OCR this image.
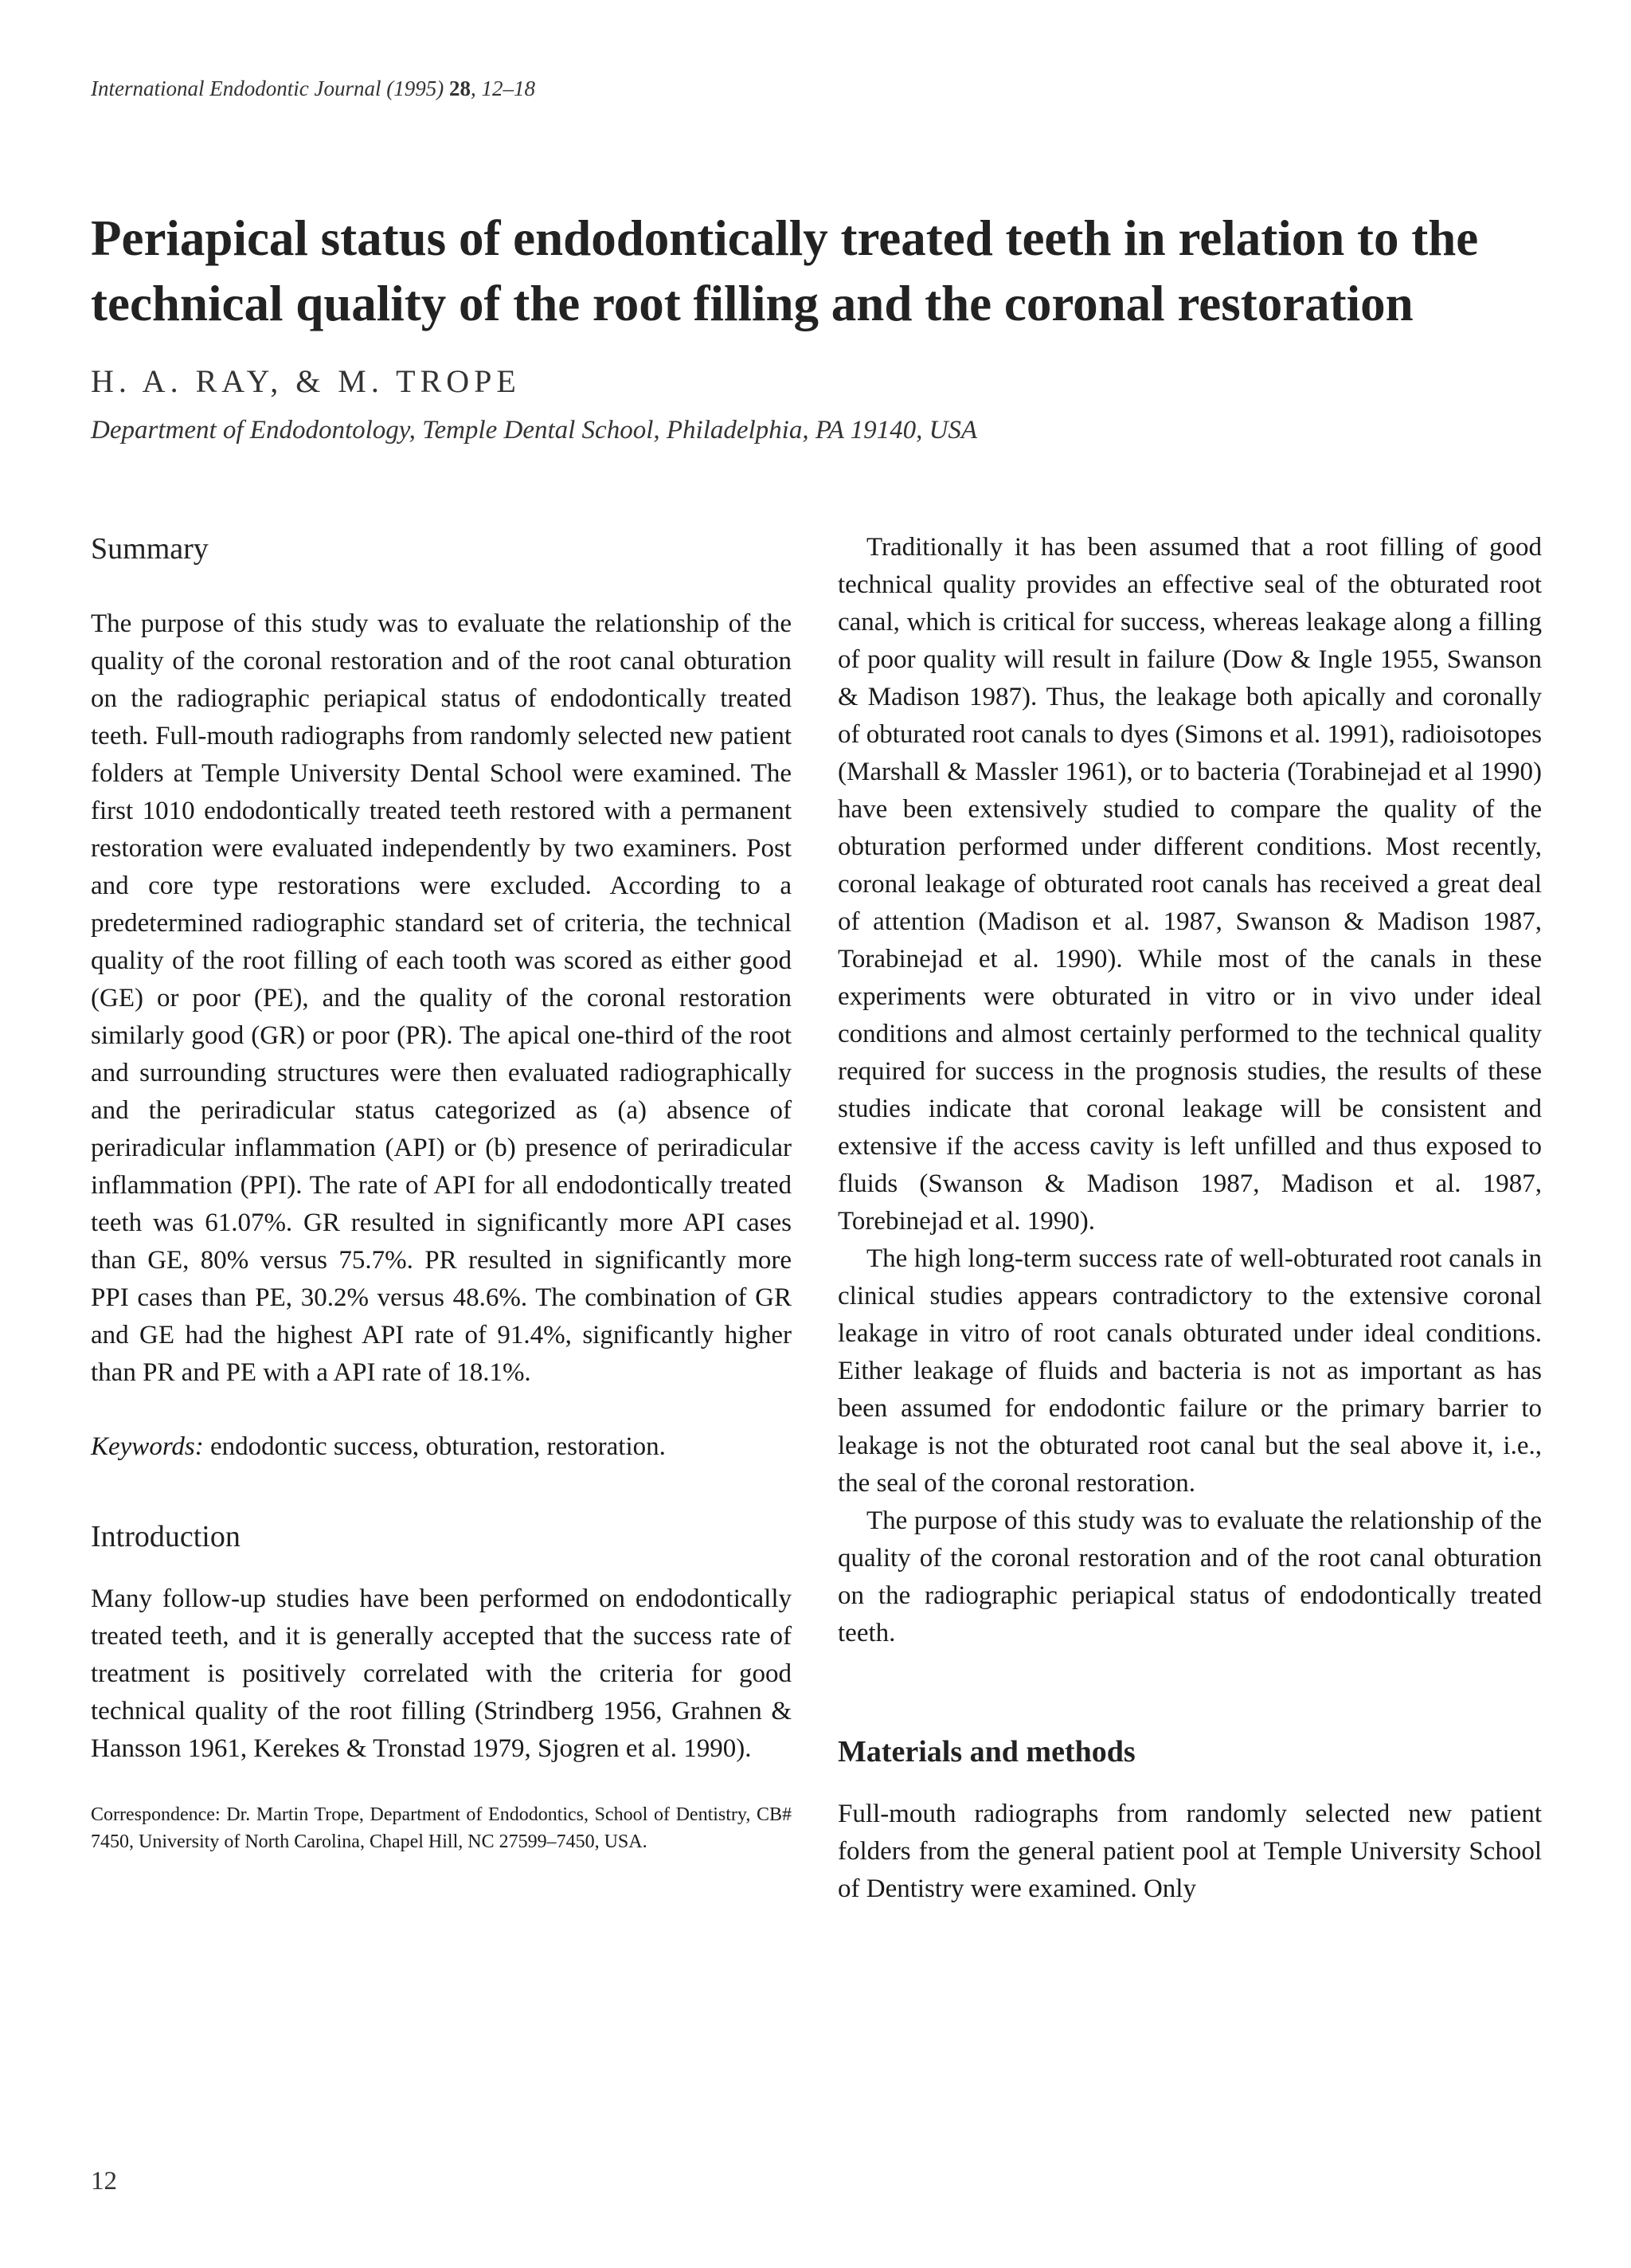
International Endodontic Journal (1995) 28, 12–18
Periapical status of endodontically treated teeth in relation to the technical quality of the root filling and the coronal restoration
H. A. RAY, & M. TROPE
Department of Endodontology, Temple Dental School, Philadelphia, PA 19140, USA
Summary

The purpose of this study was to evaluate the relationship of the quality of the coronal restoration and of the root canal obturation on the radiographic periapical status of endodontically treated teeth. Full-mouth radiographs from randomly selected new patient folders at Temple University Dental School were examined. The first 1010 endodontically treated teeth restored with a permanent restoration were evaluated independently by two examiners. Post and core type restorations were excluded. According to a predetermined radiographic standard set of criteria, the technical quality of the root filling of each tooth was scored as either good (GE) or poor (PE), and the quality of the coronal restoration similarly good (GR) or poor (PR). The apical one-third of the root and surrounding structures were then evaluated radiographically and the periradicular status categorized as (a) absence of periradicular inflammation (API) or (b) presence of periradicular inflammation (PPI). The rate of API for all endodontically treated teeth was 61.07%. GR resulted in significantly more API cases than GE, 80% versus 75.7%. PR resulted in significantly more PPI cases than PE, 30.2% versus 48.6%. The combination of GR and GE had the highest API rate of 91.4%, significantly higher than PR and PE with a API rate of 18.1%.

Keywords: endodontic success, obturation, restoration.

Introduction

Many follow-up studies have been performed on endodontically treated teeth, and it is generally accepted that the success rate of treatment is positively correlated with the criteria for good technical quality of the root filling (Strindberg 1956, Grahnen & Hansson 1961, Kerekes & Tronstad 1979, Sjogren et al. 1990).

Correspondence: Dr. Martin Trope, Department of Endodontics, School of Dentistry, CB# 7450, University of North Carolina, Chapel Hill, NC 27599–7450, USA.

Traditionally it has been assumed that a root filling of good technical quality provides an effective seal of the obturated root canal, which is critical for success, whereas leakage along a filling of poor quality will result in failure (Dow & Ingle 1955, Swanson & Madison 1987). Thus, the leakage both apically and coronally of obturated root canals to dyes (Simons et al. 1991), radioisotopes (Marshall & Massler 1961), or to bacteria (Torabinejad et al 1990) have been extensively studied to compare the quality of the obturation performed under different conditions. Most recently, coronal leakage of obturated root canals has received a great deal of attention (Madison et al. 1987, Swanson & Madison 1987, Torabinejad et al. 1990). While most of the canals in these experiments were obturated in vitro or in vivo under ideal conditions and almost certainly performed to the technical quality required for success in the prognosis studies, the results of these studies indicate that coronal leakage will be consistent and extensive if the access cavity is left unfilled and thus exposed to fluids (Swanson & Madison 1987, Madison et al. 1987, Torebinejad et al. 1990).

The high long-term success rate of well-obturated root canals in clinical studies appears contradictory to the extensive coronal leakage in vitro of root canals obturated under ideal conditions. Either leakage of fluids and bacteria is not as important as has been assumed for endodontic failure or the primary barrier to leakage is not the obturated root canal but the seal above it, i.e., the seal of the coronal restoration.

The purpose of this study was to evaluate the relationship of the quality of the coronal restoration and of the root canal obturation on the radiographic periapical status of endodontically treated teeth.

Materials and methods

Full-mouth radiographs from randomly selected new patient folders from the general patient pool at Temple University School of Dentistry were examined. Only

12
